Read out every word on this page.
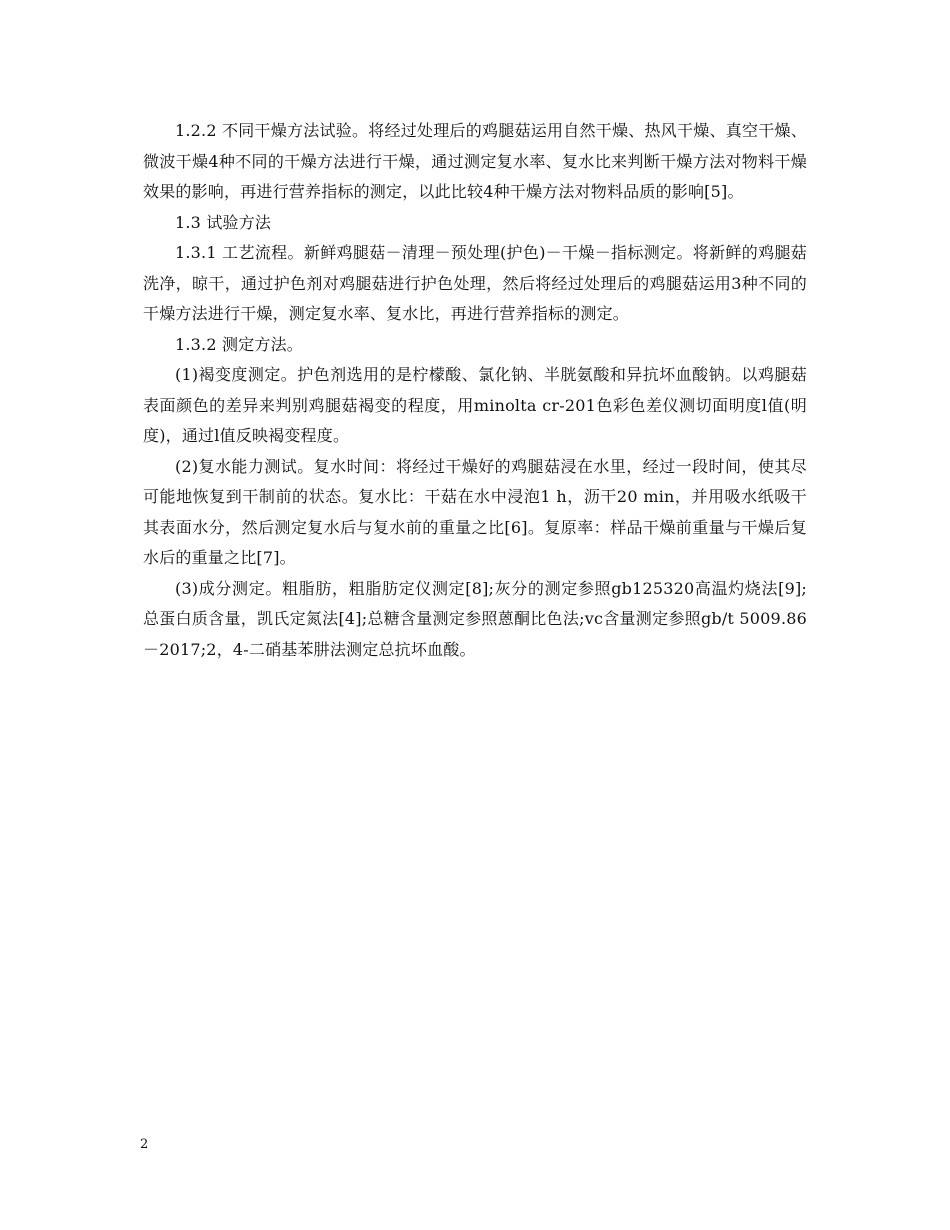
1.2.2 不同干燥方法试验。将经过处理后的鸡腿菇运用自然干燥、热风干燥、真空干燥、微波干燥4种不同的干燥方法进行干燥，通过测定复水率、复水比来判断干燥方法对物料干燥效果的影响，再进行营养指标的测定，以此比较4种干燥方法对物料品质的影响[5]。

1.3 试验方法

1.3.1 工艺流程。新鲜鸡腿菇－清理－预处理(护色)－干燥－指标测定。将新鲜的鸡腿菇洗净，晾干，通过护色剂对鸡腿菇进行护色处理，然后将经过处理后的鸡腿菇运用3种不同的干燥方法进行干燥，测定复水率、复水比，再进行营养指标的测定。

1.3.2 测定方法。

(1)褐变度测定。护色剂选用的是柠檬酸、氯化钠、半胱氨酸和异抗坏血酸钠。以鸡腿菇表面颜色的差异来判别鸡腿菇褐变的程度，用minolta cr-201色彩色差仪测切面明度l值(明度)，通过l值反映褐变程度。

(2)复水能力测试。复水时间：将经过干燥好的鸡腿菇浸在水里，经过一段时间，使其尽可能地恢复到干制前的状态。复水比：干菇在水中浸泡1 h，沥干20 min，并用吸水纸吸干其表面水分，然后测定复水后与复水前的重量之比[6]。复原率：样品干燥前重量与干燥后复水后的重量之比[7]。

(3)成分测定。粗脂肪，粗脂肪定仪测定[8];灰分的测定参照gb125320高温灼烧法[9];总蛋白质含量，凯氏定氮法[4];总糖含量测定参照蒽酮比色法;vc含量测定参照gb/t 5009.86－2017;2，4-二硝基苯肼法测定总抗坏血酸。

2
